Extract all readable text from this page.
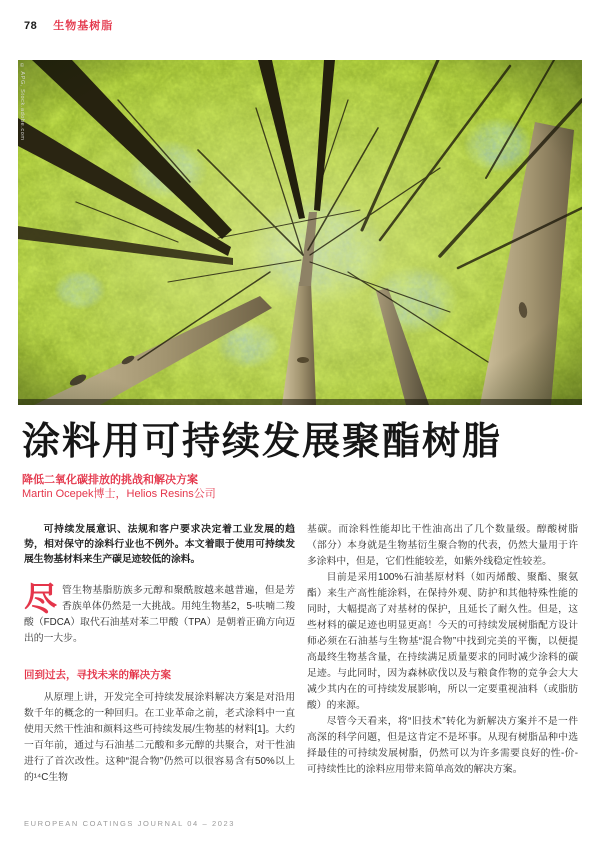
78 生物基树脂
© APG, Stock.adobe.com
涂料用可持续发展聚酯树脂
降低二氧化碳排放的挑战和解决方案
Martin Ocepek博士，Helios Resins公司

可持续发展意识、法规和客户要求决定着工业发展的趋势，相对保守的涂料行业也不例外。本文着眼于使用可持续发展生物基材料来生产碳足迹较低的涂料。

尽管生物基脂肪族多元醇和聚酰胺越来越普遍，但是芳香族单体仍然是一大挑战。用纯生物基2，5-呋喃二羧酸（FDCA）取代石油基对苯二甲酸（TPA）是朝着正确方向迈出的一大步。

回到过去，寻找未来的解决方案

从原理上讲，开发完全可持续发展涂料解决方案是对沿用数千年的概念的一种回归。在工业革命之前，老式涂料中一直使用天然干性油和颜料这些可持续发展/生物基的材料[1]。大约一百年前，通过与石油基二元酸和多元醇的共聚合，对干性油进行了首次改性。这种“混合物”仍然可以很容易含有50%以上的¹⁴C生物

基碳。而涂料性能却比干性油高出了几个数量级。醇酸树脂（部分）本身就是生物基衍生聚合物的代表，仍然大量用于许多涂料中，但是，它们性能较差，如紫外线稳定性较差。

目前是采用100%石油基原材料（如丙烯酸、聚酯、聚氨酯）来生产高性能涂料，在保持外观、防护和其他特殊性能的同时，大幅提高了对基材的保护，且延长了耐久性。但是，这些材料的碳足迹也明显更高！今天的可持续发展树脂配方设计师必须在石油基与生物基“混合物”中找到完美的平衡，以便提高最终生物基含量，在持续满足质量要求的同时减少涂料的碳足迹。与此同时，因为森林砍伐以及与粮食作物的竞争会大大减少其内在的可持续发展影响，所以一定要重视油料（或脂肪酸）的来源。

尽管今天看来，将“旧技术”转化为新解决方案并不是一件高深的科学问题，但是这肯定不是坏事。从现有树脂品种中选择最佳的可持续发展树脂，仍然可以为许多需要良好的性-价-可持续性比的涂料应用带来简单高效的解决方案。

EUROPEAN COATINGS JOURNAL 04 – 2023
